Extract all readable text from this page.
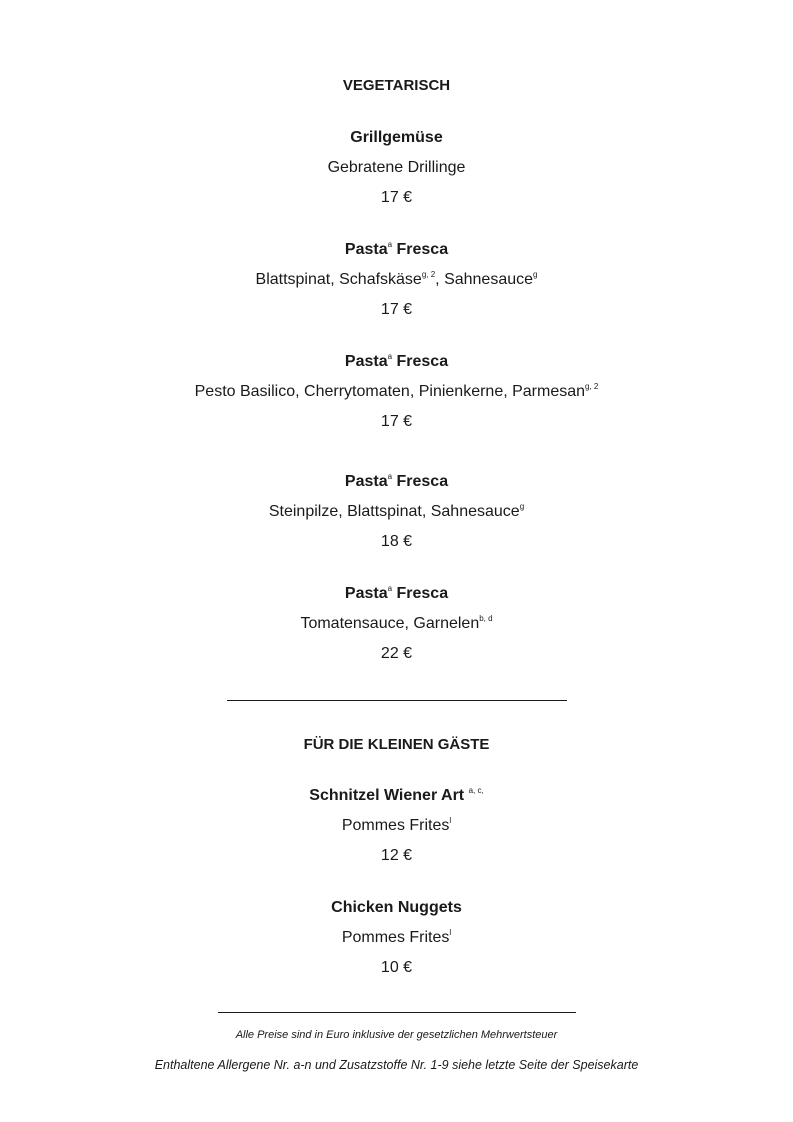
VEGETARISCH
Grillgemüse
Gebratene Drillinge
17 €
Pasta$^a$ Fresca
Blattspinat, Schafskäse$^{g, 2}$, Sahnesauce$^g$
17 €
Pasta$^a$ Fresca
Pesto Basilico, Cherrytomaten, Pinienkerne, Parmesan$^{g, 2}$
17 €
Pasta$^a$ Fresca
Steinpilze, Blattspinat, Sahnesauce$^g$
18 €
Pasta$^a$ Fresca
Tomatensauce, Garnelen$^{b, d}$
22 €
FÜR DIE KLEINEN GÄSTE
Schnitzel Wiener Art $^{a, c,}$
Pommes Frites$^l$
12 €
Chicken Nuggets
Pommes Frites$^l$
10 €
Alle Preise sind in Euro inklusive der gesetzlichen Mehrwertsteuer
Enthaltene Allergene Nr. a-n und Zusatzstoffe Nr. 1-9 siehe letzte Seite der Speisekarte
